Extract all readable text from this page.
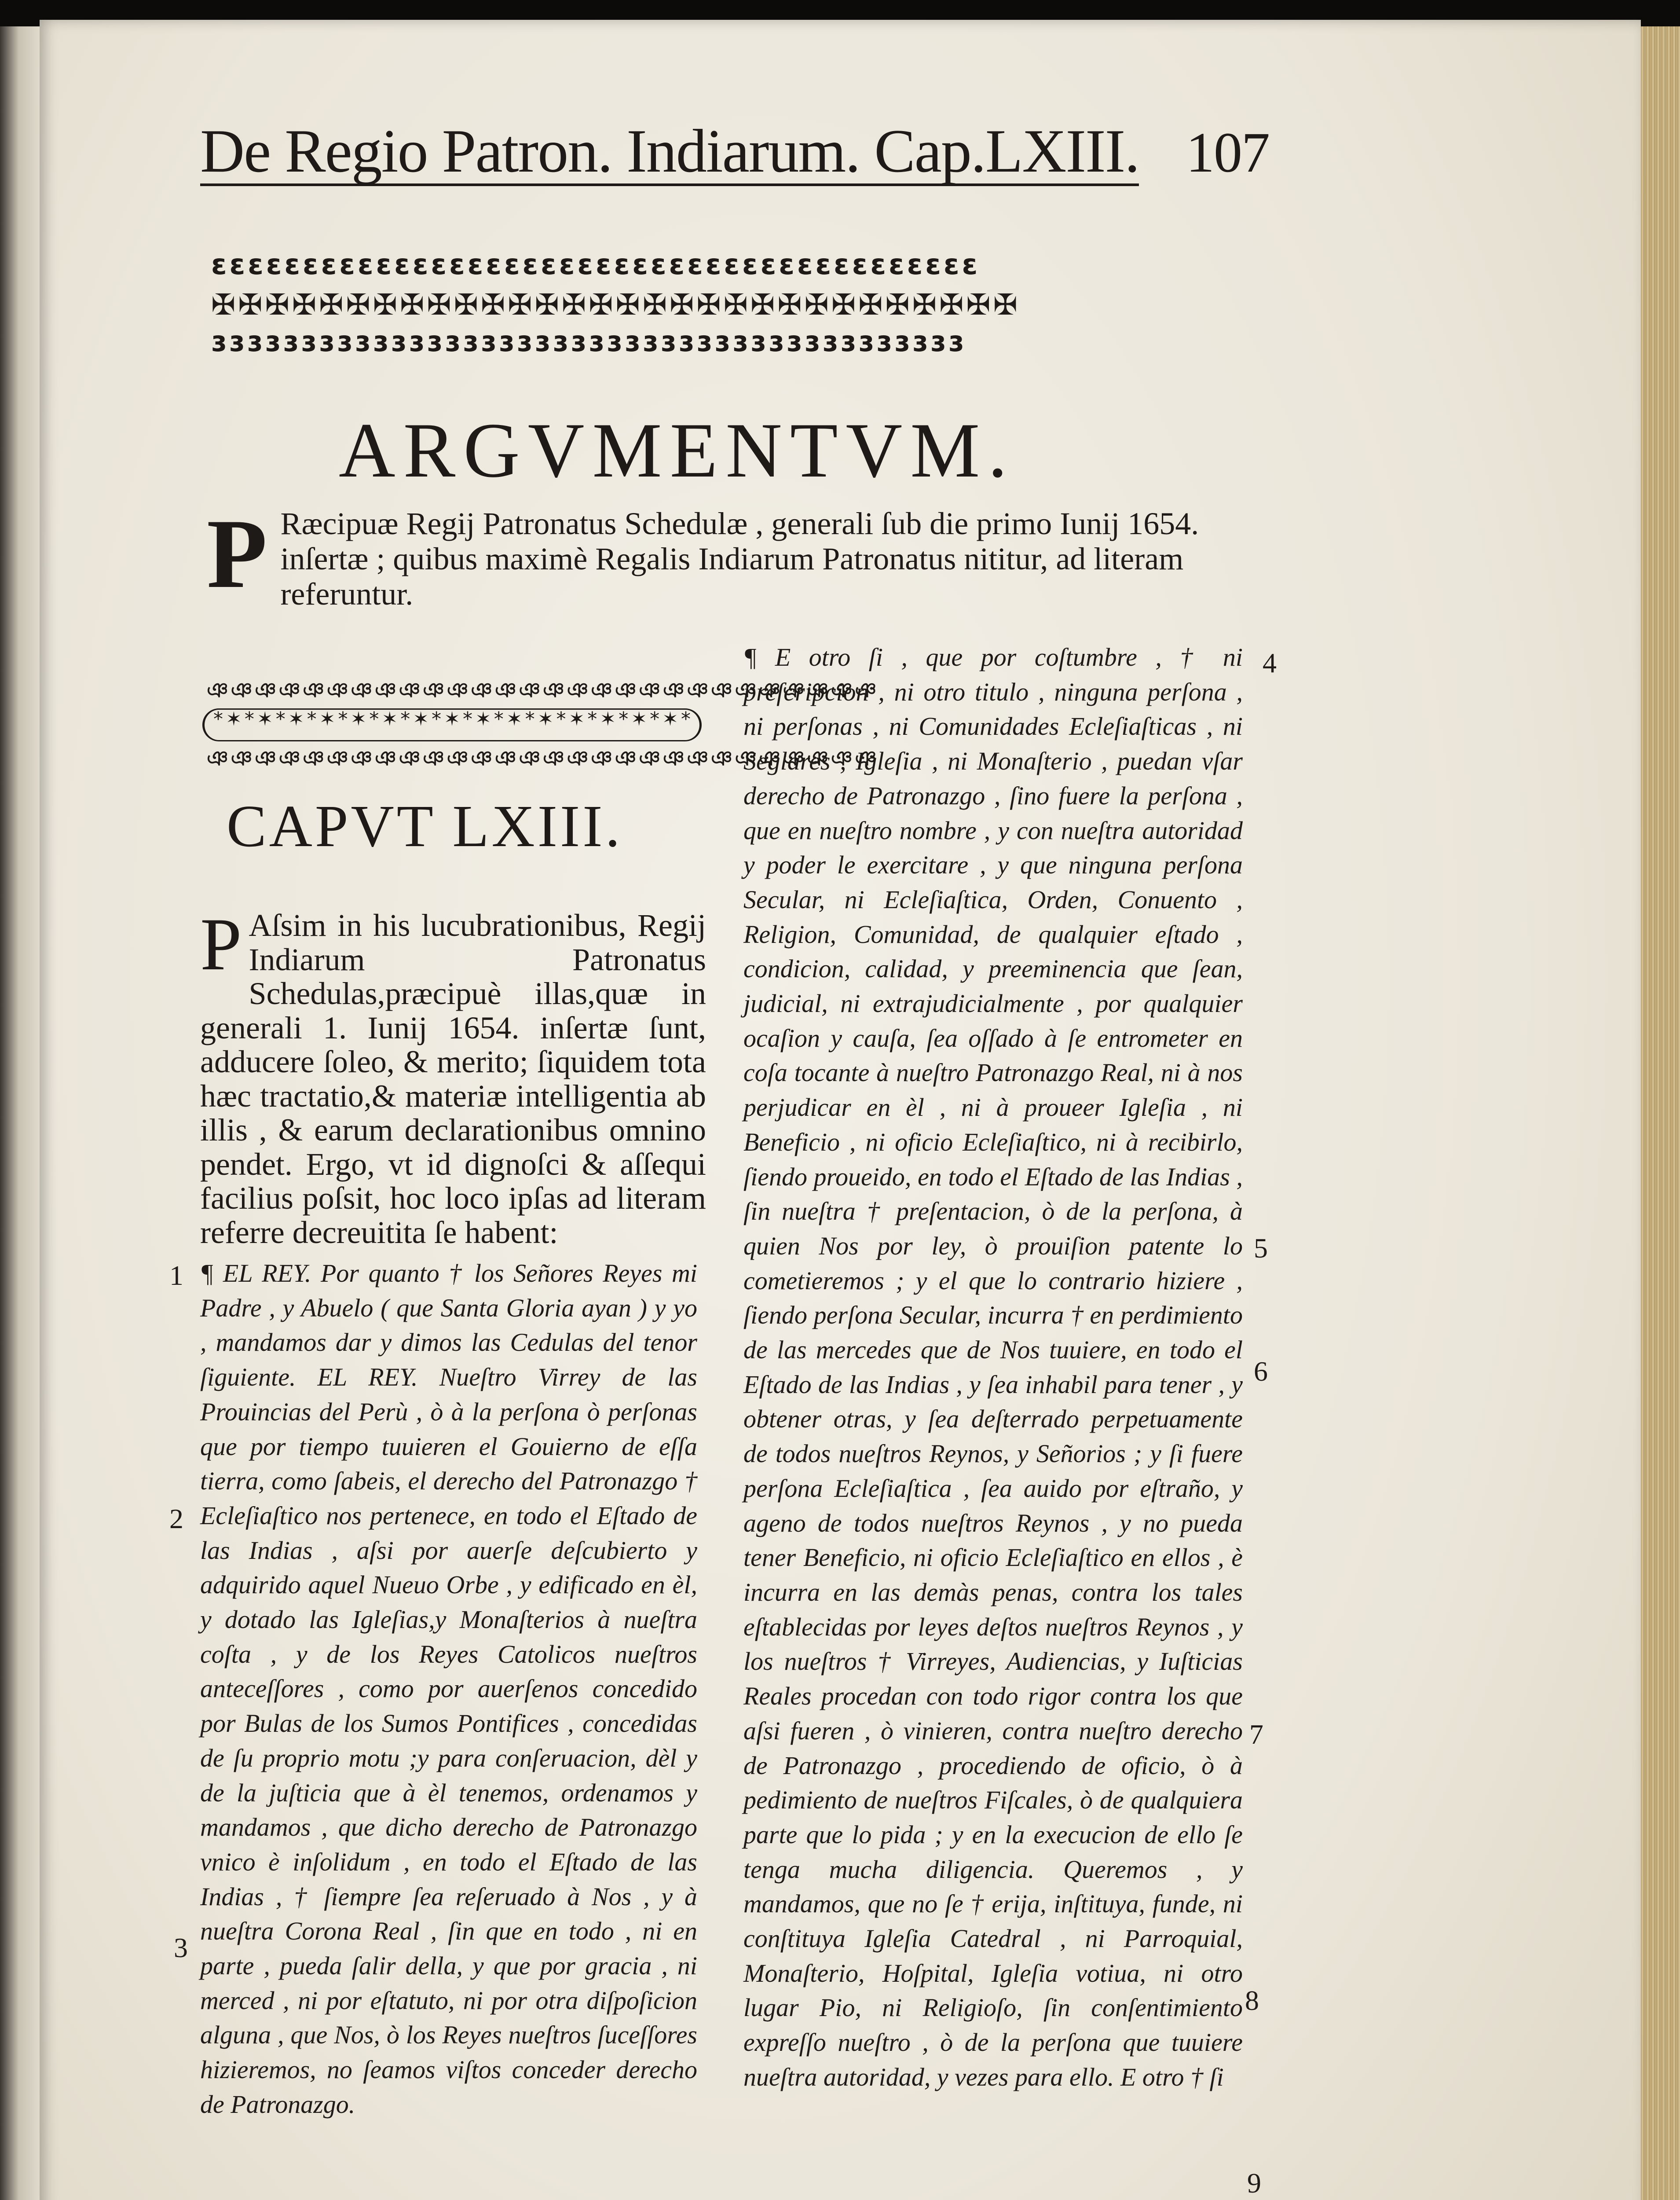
De Regio Patron. Indiarum. Cap.LXIII. 107
ɛɛɛɛɛɛɛɛɛɛɛɛɛɛɛɛɛɛɛɛɛɛɛɛɛɛɛɛɛɛɛɛɛɛɛɛɛɛɛɛɛɛ
✠✠✠✠✠✠✠✠✠✠✠✠✠✠✠✠✠✠✠✠✠✠✠✠✠✠✠✠✠✠
ɜɜɜɜɜɜɜɜɜɜɜɜɜɜɜɜɜɜɜɜɜɜɜɜɜɜɜɜɜɜɜɜɜɜɜɜɜɜɜɜɜɜ
ARGVMENTVM.
P Ræcipuæ Regij Patronatus Schedulæ , generali ſub die primo Iunij 1654. inſertæ ; quibus maximè Regalis Indiarum Patronatus nititur, ad literam referuntur.
ঞঞঞঞঞঞঞঞঞঞঞঞঞঞঞঞঞঞঞঞঞঞঞঞঞঞঞঞ
*✶*✶*✶*✶*✶*✶*✶*✶*✶*✶*✶*✶*✶*✶*✶*
ঞঞঞঞঞঞঞঞঞঞঞঞঞঞঞঞঞঞঞঞঞঞঞঞঞঞঞঞ
CAPVT LXIII.
P Aſsim in his lucubrationibus, Regij Indiarum Patronatus Schedulas,præcipuè illas,quæ in generali 1. Iunij 1654. inſertæ ſunt, adducere ſoleo, & merito; ſiquidem tota hæc tractatio,& materiæ intelligentia ab illis , & earum declarationibus omnino pendet. Ergo, vt id dignoſci & aſſequi facilius poſsit, hoc loco ipſas ad literam referre decreuitita ſe habent:
¶ EL REY. Por quanto † los Señores Reyes mi Padre , y Abuelo ( que Santa Gloria ayan ) y yo , mandamos dar y dimos las Cedulas del tenor ſiguiente. EL REY. Nueſtro Virrey de las Prouincias del Perù , ò à la perſona ò perſonas que por tiempo tuuieren el Gouierno de eſſa tierra, como ſabeis, el derecho del Patronazgo † Ecleſiaſtico nos pertenece, en todo el Eſtado de las Indias , aſsi por auerſe deſcubierto y adquirido aquel Nueuo Orbe , y edificado en èl, y dotado las Igleſias,y Monaſterios à nueſtra coſta , y de los Reyes Catolicos nueſtros anteceſſores , como por auerſenos concedido por Bulas de los Sumos Pontifices , concedidas de ſu proprio motu ;y para conſeruacion, dèl y de la juſticia que à èl tenemos, ordenamos y mandamos , que dicho derecho de Patronazgo vnico è inſolidum , en todo el Eſtado de las Indias , † ſiempre ſea reſeruado à Nos , y à nueſtra Corona Real , ſin que en todo , ni en parte , pueda ſalir della, y que por gracia , ni merced , ni por eſtatuto, ni por otra diſpoſicion alguna , que Nos, ò los Reyes nueſtros ſuceſſores hizieremos, no ſeamos viſtos conceder derecho de Patronazgo.
¶ E otro ſi , que por coſtumbre , † ni preſcripcion , ni otro titulo , ninguna perſona , ni perſonas , ni Comunidades Ecleſiaſticas , ni Seglares , Igleſia , ni Monaſterio , puedan vſar derecho de Patronazgo , ſino fuere la perſona , que en nueſtro nombre , y con nueſtra autoridad y poder le exercitare , y que ninguna perſona Secular, ni Ecleſiaſtica, Orden, Conuento , Religion, Comunidad, de qualquier eſtado , condicion, calidad, y preeminencia que ſean, judicial, ni extrajudicialmente , por qualquier ocaſion y cauſa, ſea oſſado à ſe entrometer en coſa tocante à nueſtro Patronazgo Real, ni à nos perjudicar en èl , ni à proueer Igleſia , ni Beneficio , ni oficio Ecleſiaſtico, ni à recibirlo, ſiendo proueido, en todo el Eſtado de las Indias , ſin nueſtra † preſentacion, ò de la perſona, à quien Nos por ley, ò prouiſion patente lo cometieremos ; y el que lo contrario hiziere , ſiendo perſona Secular, incurra † en perdimiento de las mercedes que de Nos tuuiere, en todo el Eſtado de las Indias , y ſea inhabil para tener , y obtener otras, y ſea deſterrado perpetuamente de todos nueſtros Reynos, y Señorios ; y ſi fuere perſona Ecleſiaſtica , ſea auido por eſtraño, y ageno de todos nueſtros Reynos , y no pueda tener Beneficio, ni oficio Ecleſiaſtico en ellos , è incurra en las demàs penas, contra los tales eſtablecidas por leyes deſtos nueſtros Reynos , y los nueſtros † Virreyes, Audiencias, y Iuſticias Reales procedan con todo rigor contra los que aſsi fueren , ò vinieren, contra nueſtro derecho de Patronazgo , procediendo de oficio, ò à pedimiento de nueſtros Fiſcales, ò de qualquiera parte que lo pida ; y en la execucion de ello ſe tenga mucha diligencia. Queremos , y mandamos, que no ſe † erija, inſtituya, funde, ni conſtituya Igleſia Catedral , ni Parroquial, Monaſterio, Hoſpital, Igleſia votiua, ni otro lugar Pio, ni Religioſo, ſin conſentimiento expreſſo nueſtro , ò de la perſona que tuuiere nueſtra autoridad, y vezes para ello. E otro † ſi
1
2
3
4
5
6
7
8
9
